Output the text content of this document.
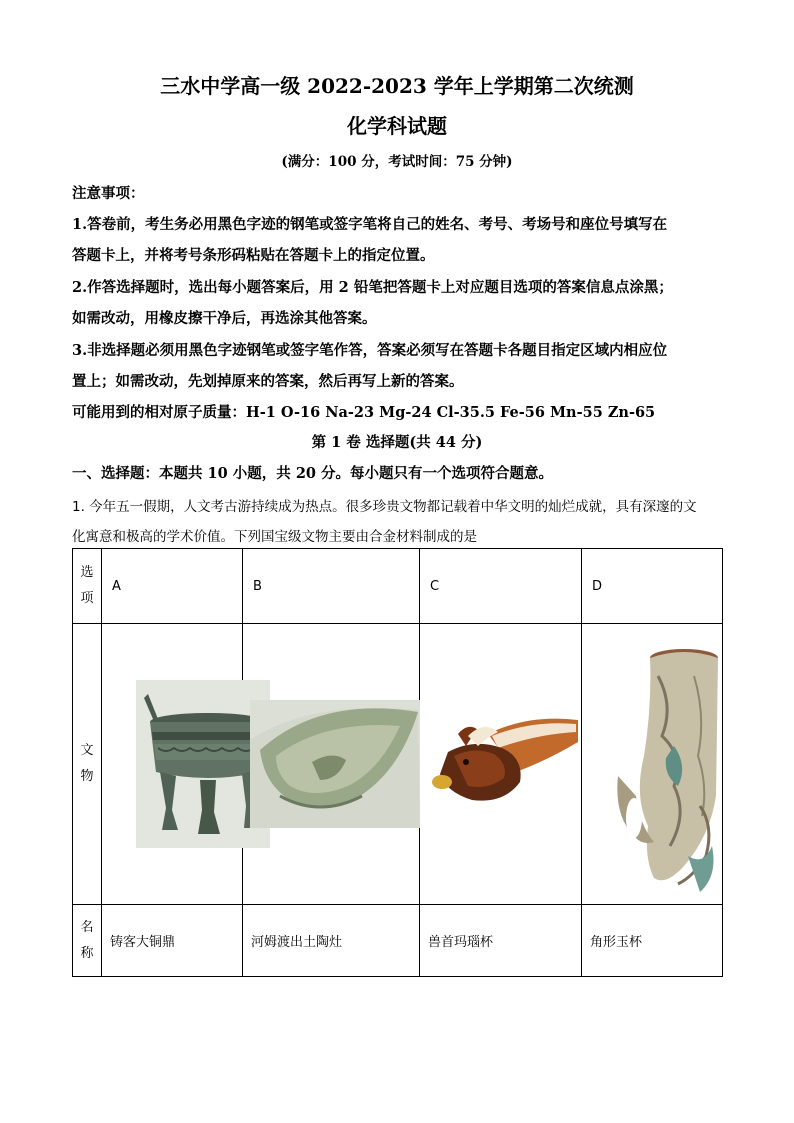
三水中学高一级 2022-2023 学年上学期第二次统测
化学科试题
(满分：100 分，考试时间：75 分钟)
注意事项：
1.答卷前，考生务必用黑色字迹的钢笔或签字笔将自己的姓名、考号、考场号和座位号填写在
答题卡上，并将考号条形码粘贴在答题卡上的指定位置。
2.作答选择题时，选出每小题答案后，用 2 铅笔把答题卡上对应题目选项的答案信息点涂黑；
如需改动，用橡皮擦干净后，再选涂其他答案。
3.非选择题必须用黑色字迹钢笔或签字笔作答，答案必须写在答题卡各题目指定区域内相应位
置上；如需改动，先划掉原来的答案，然后再写上新的答案。
可能用到的相对原子质量：H-1 O-16 Na-23 Mg-24 Cl-35.5 Fe-56 Mn-55 Zn-65
第 1 卷 选择题(共 44 分)
一、选择题：本题共 10 小题，共 20 分。每小题只有一个选项符合题意。
1. 今年五一假期，人文考古游持续成为热点。很多珍贵文物都记载着中华文明的灿烂成就，具有深邃的文
化寓意和极高的学术价值。下列国宝级文物主要由合金材料制成的是
选
项	A	B	C	D

文
物

名
称	铸客大铜鼎	河姆渡出土陶灶	兽首玛瑙杯	角形玉杯
